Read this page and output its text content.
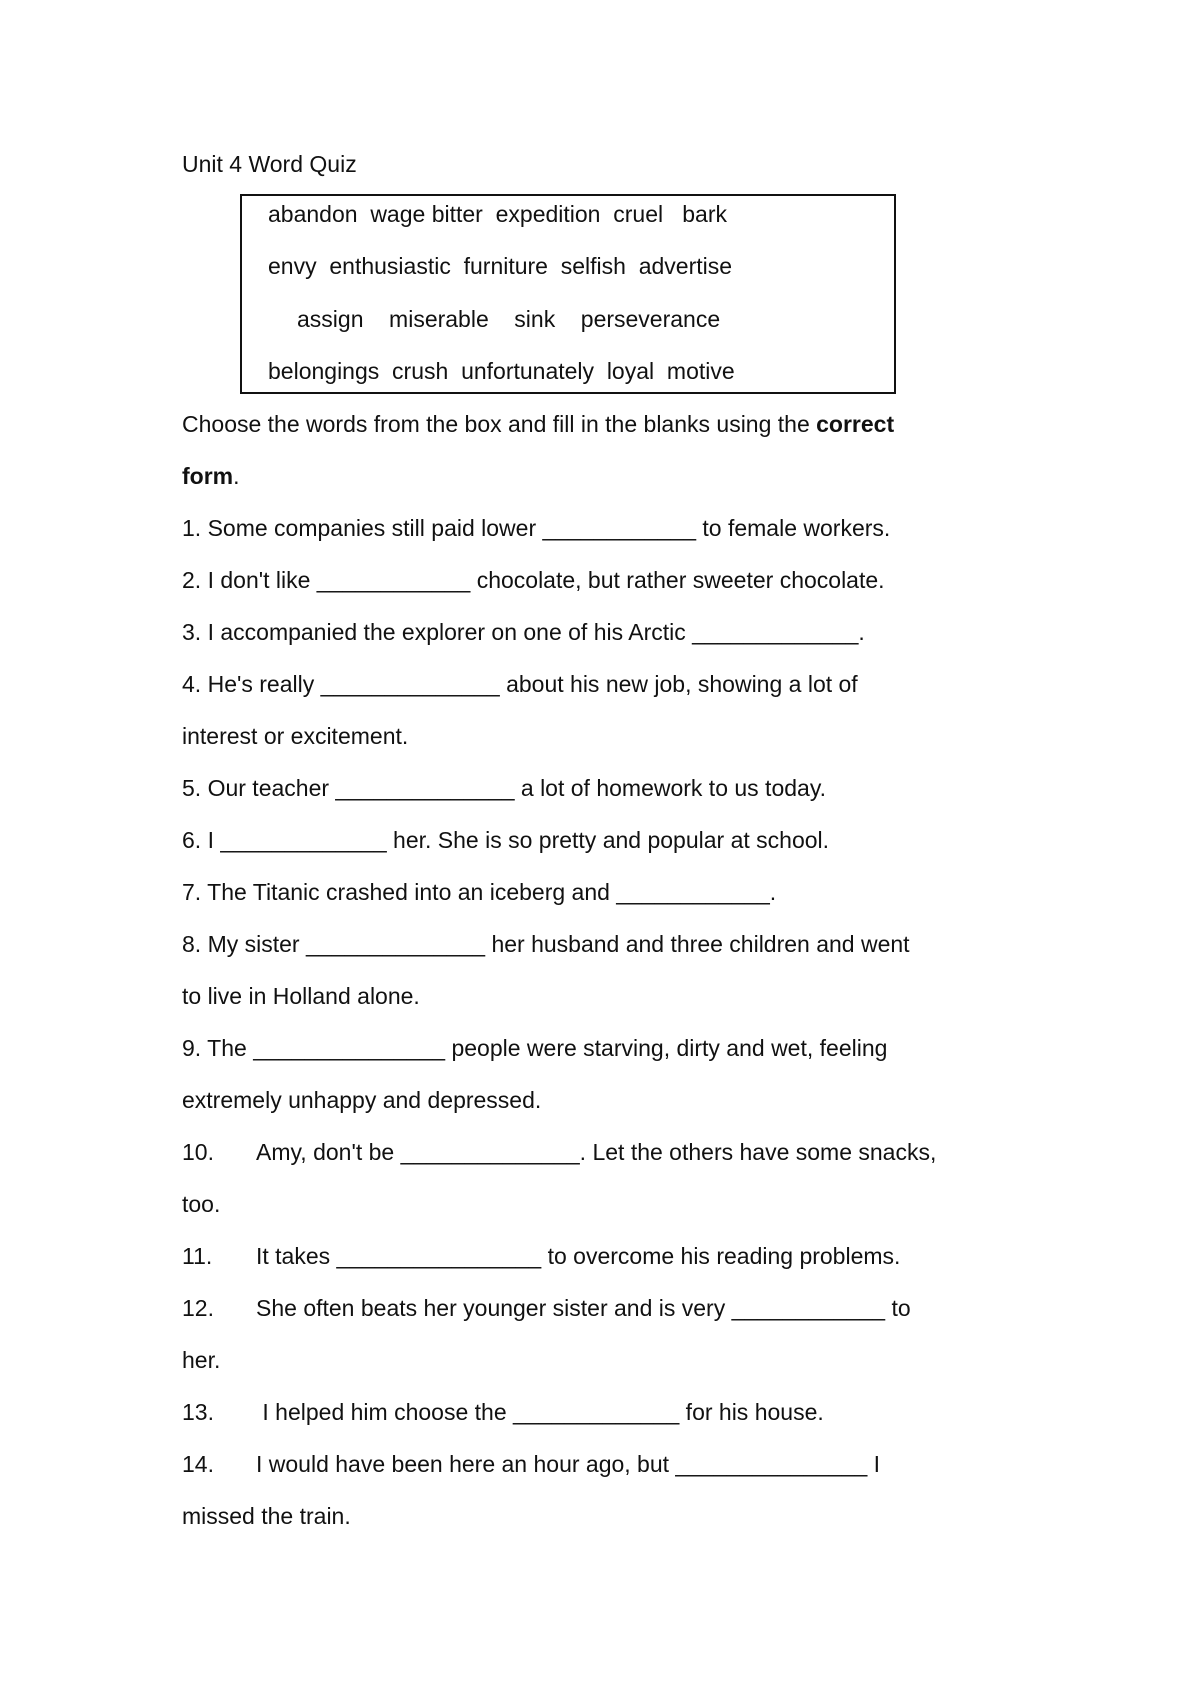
Unit 4 Word Quiz
abandon  wage bitter  expedition  cruel   bark
envy  enthusiastic  furniture  selfish  advertise
assign    miserable    sink    perseverance
belongings  crush  unfortunately  loyal  motive
Choose the words from the box and fill in the blanks using the correct
form.
1. Some companies still paid lower ____________ to female workers.
2. I don't like ____________ chocolate, but rather sweeter chocolate.
3. I accompanied the explorer on one of his Arctic _____________.
4. He's really ______________ about his new job, showing a lot of
interest or excitement.
5. Our teacher ______________ a lot of homework to us today.
6. I _____________ her. She is so pretty and popular at school.
7. The Titanic crashed into an iceberg and ____________.
8. My sister ______________ her husband and three children and went
to live in Holland alone.
9. The _______________ people were starving, dirty and wet, feeling
extremely unhappy and depressed.
10. Amy, don't be ______________. Let the others have some snacks,
too.
11. It takes ________________ to overcome his reading problems.
12. She often beats her younger sister and is very ____________ to
her.
13. I helped him choose the _____________ for his house.
14. I would have been here an hour ago, but _______________ I
missed the train.
